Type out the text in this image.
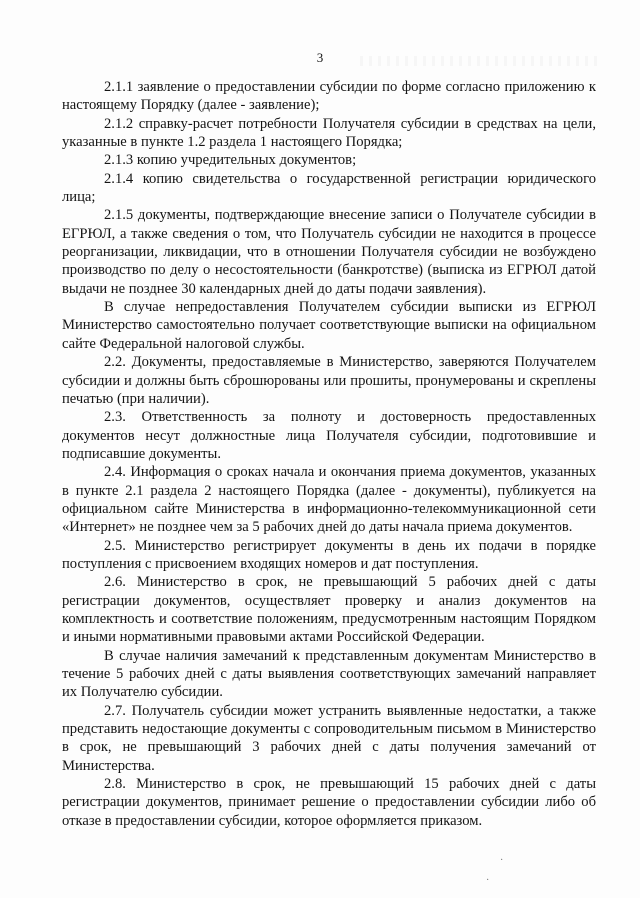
3

2.1.1 заявление о предоставлении субсидии по форме согласно приложению к настоящему Порядку (далее - заявление);

2.1.2 справку-расчет потребности Получателя субсидии в средствах на цели, указанные в пункте 1.2 раздела 1 настоящего Порядка;

2.1.3 копию учредительных документов;

2.1.4 копию свидетельства о государственной регистрации юридического лица;

2.1.5 документы, подтверждающие внесение записи о Получателе субсидии в ЕГРЮЛ, а также сведения о том, что Получатель субсидии не находится в процессе реорганизации, ликвидации, что в отношении Получателя субсидии не возбуждено производство по делу о несостоятельности (банкротстве) (выписка из ЕГРЮЛ датой выдачи не позднее 30 календарных дней до даты подачи заявления).

В случае непредоставления Получателем субсидии выписки из ЕГРЮЛ Министерство самостоятельно получает соответствующие выписки на официальном сайте Федеральной налоговой службы.

2.2. Документы, предоставляемые в Министерство, заверяются Получателем субсидии и должны быть сброшюрованы или прошиты, пронумерованы и скреплены печатью (при наличии).

2.3. Ответственность за полноту и достоверность предоставленных документов несут должностные лица Получателя субсидии, подготовившие и подписавшие документы.

2.4. Информация о сроках начала и окончания приема документов, указанных в пункте 2.1 раздела 2 настоящего Порядка (далее - документы), публикуется на официальном сайте Министерства в информационно-телекоммуникационной сети «Интернет» не позднее чем за 5 рабочих дней до даты начала приема документов.

2.5. Министерство регистрирует документы в день их подачи в порядке поступления с присвоением входящих номеров и дат поступления.

2.6. Министерство в срок, не превышающий 5 рабочих дней с даты регистрации документов, осуществляет проверку и анализ документов на комплектность и соответствие положениям, предусмотренным настоящим Порядком и иными нормативными правовыми актами Российской Федерации.

В случае наличия замечаний к представленным документам Министерство в течение 5 рабочих дней с даты выявления соответствующих замечаний направляет их Получателю субсидии.

2.7. Получатель субсидии может устранить выявленные недостатки, а также представить недостающие документы с сопроводительным письмом в Министерство в срок, не превышающий 3 рабочих дней с даты получения замечаний от Министерства.

2.8. Министерство в срок, не превышающий 15 рабочих дней с даты регистрации документов, принимает решение о предоставлении субсидии либо об отказе в предоставлении субсидии, которое оформляется приказом.

·
·
